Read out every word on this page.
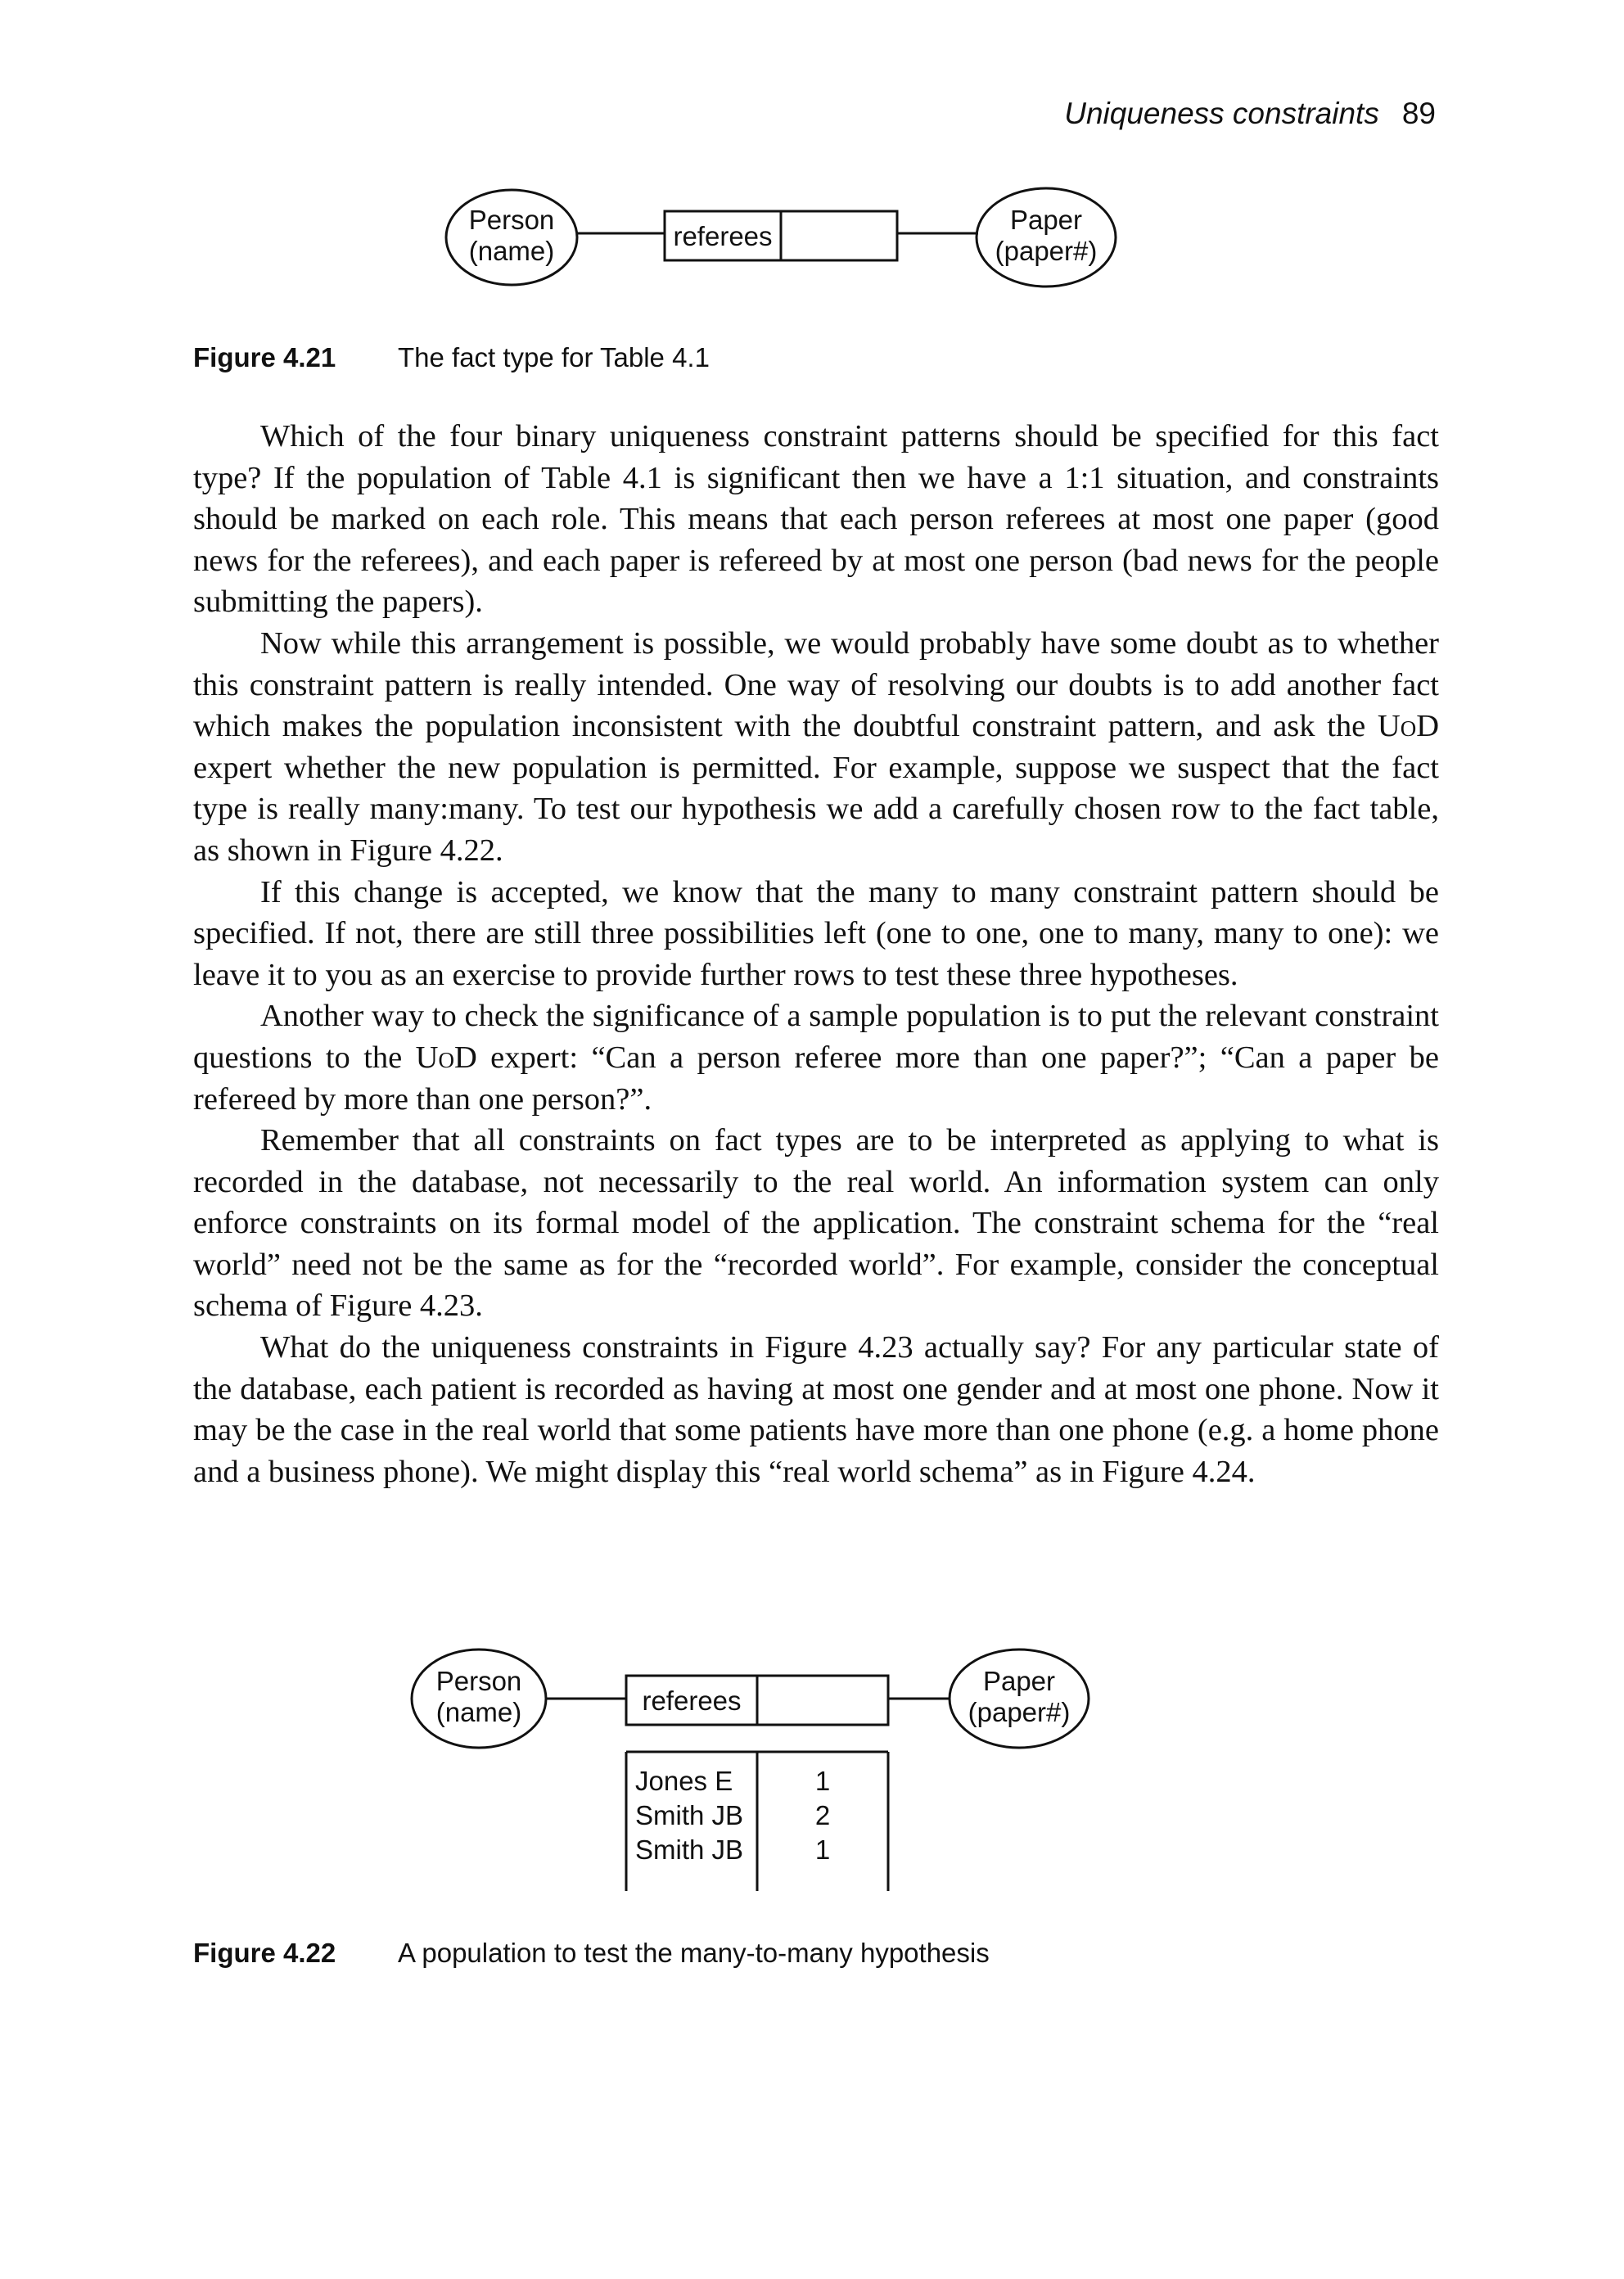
Uniqueness constraints 89
Person
(name)	referees
Paper
(paper#)
Figure 4.21 The fact type for Table 4.1

Which of the four binary uniqueness constraint patterns should be specified for this fact type? If the population of Table 4.1 is significant then we have a 1:1 situation, and constraints should be marked on each role. This means that each person referees at most one paper (good news for the referees), and each paper is refereed by at most one person (bad news for the people submitting the papers).

Now while this arrangement is possible, we would probably have some doubt as to whether this constraint pattern is really intended. One way of resolving our doubts is to add another fact which makes the population inconsistent with the doubtful constraint pattern, and ask the UoD expert whether the new population is permitted. For example, suppose we suspect that the fact type is really many:many. To test our hypothesis we add a carefully chosen row to the fact table, as shown in Figure 4.22.

If this change is accepted, we know that the many to many constraint pattern should be specified. If not, there are still three possibilities left (one to one, one to many, many to one): we leave it to you as an exercise to provide further rows to test these three hypotheses.

Another way to check the significance of a sample population is to put the relevant constraint questions to the UoD expert: “Can a person referee more than one paper?”; “Can a paper be refereed by more than one person?”.

Remember that all constraints on fact types are to be interpreted as applying to what is recorded in the database, not necessarily to the real world. An information system can only enforce constraints on its formal model of the application. The constraint schema for the “real world” need not be the same as for the “recorded world”. For example, consider the conceptual schema of Figure 4.23.

What do the uniqueness constraints in Figure 4.23 actually say? For any particular state of the database, each patient is recorded as having at most one gender and at most one phone. Now it may be the case in the real world that some patients have more than one phone (e.g. a home phone and a business phone). We might display this “real world schema” as in Figure 4.24.

Person
(name)	referees
Paper
(paper#)
Jones E	1
Smith JB	2
Smith JB	1
Figure 4.22 A population to test the many-to-many hypothesis
